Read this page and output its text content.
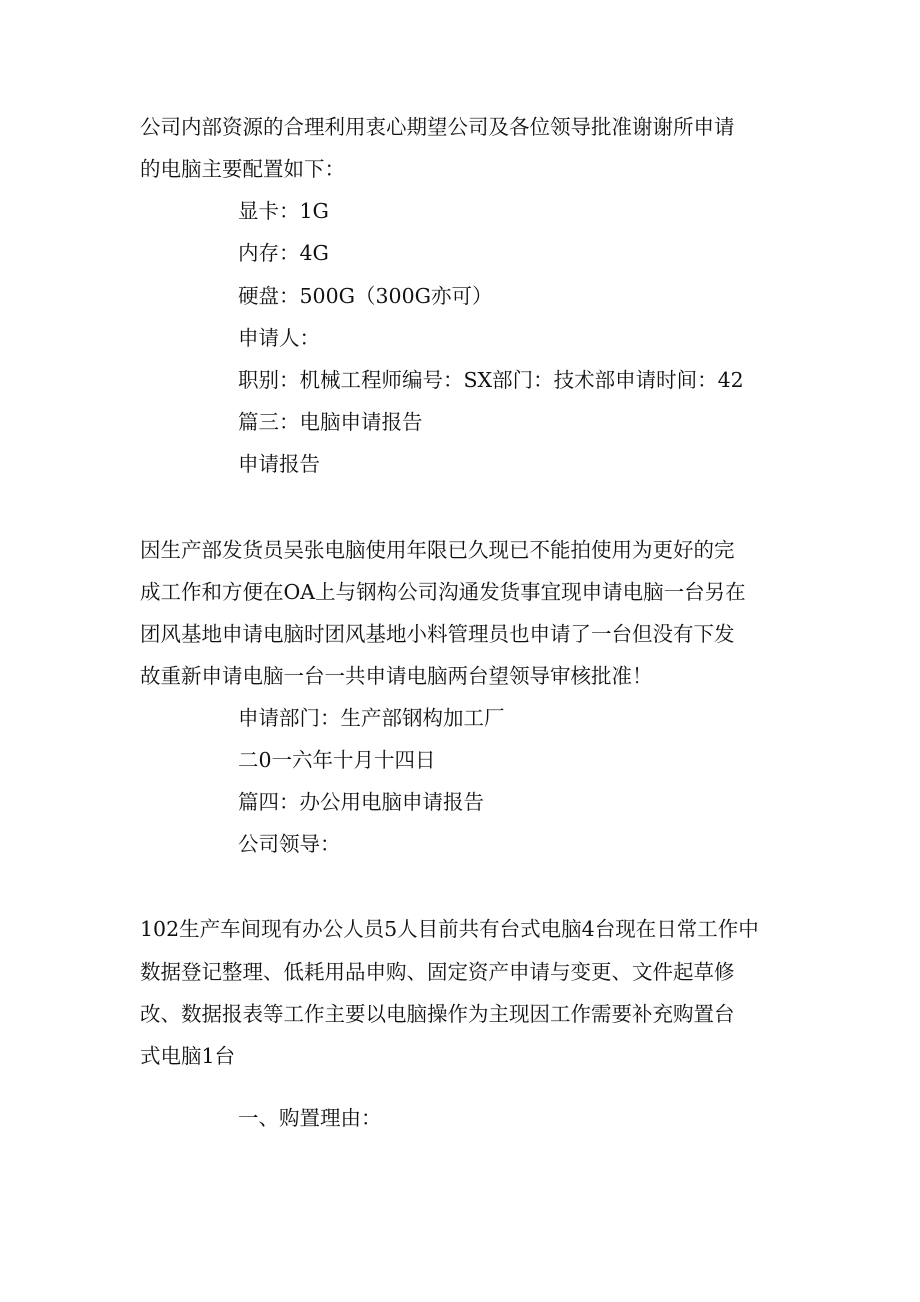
公司内部资源的合理利用衷心期望公司及各位领导批准谢谢所申请
的电脑主要配置如下：
显卡：1G
内存：4G
硬盘：500G（300G亦可）
申请人：
职别：机械工程师编号：SX部门：技术部申请时间：42
篇三：电脑申请报告
申请报告
因生产部发货员吴张电脑使用年限已久现已不能拍使用为更好的完
成工作和方便在OA上与钢构公司沟通发货事宜现申请电脑一台另在
团风基地申请电脑时团风基地小料管理员也申请了一台但没有下发
故重新申请电脑一台一共申请电脑两台望领导审核批准！
申请部门：生产部钢构加工厂
二0一六年十月十四日
篇四：办公用电脑申请报告
公司领导：
102生产车间现有办公人员5人目前共有台式电脑4台现在日常工作中
数据登记整理、低耗用品申购、固定资产申请与变更、文件起草修
改、数据报表等工作主要以电脑操作为主现因工作需要补充购置台
式电脑1台
一、购置理由：
